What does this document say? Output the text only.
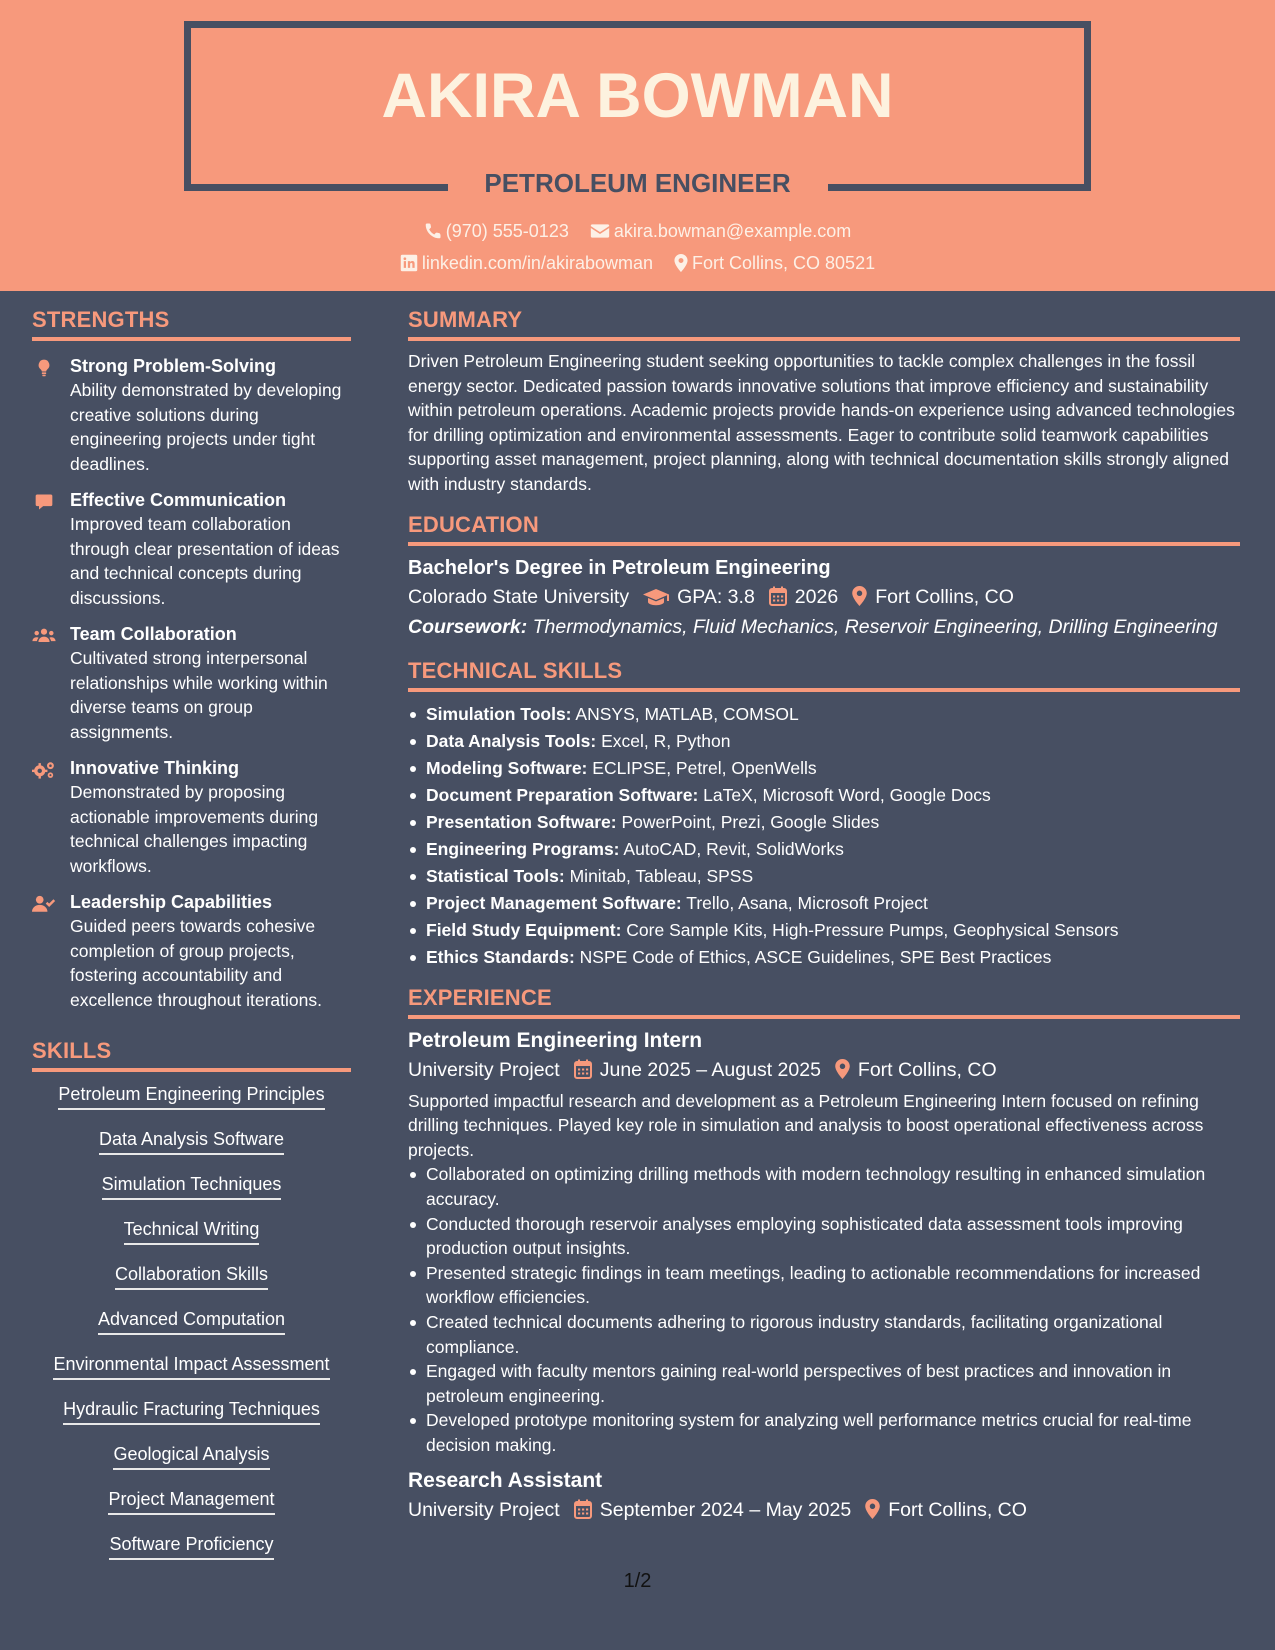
AKIRA BOWMAN
PETROLEUM ENGINEER
(970) 555-0123	akira.bowman@example.com
linkedin.com/in/akirabowman Fort Collins, CO 80521
STRENGTHS
Strong Problem-Solving
Ability demonstrated by developing creative solutions during engineering projects under tight deadlines.
Effective Communication
Improved team collaboration through clear presentation of ideas and technical concepts during discussions.
Team Collaboration
Cultivated strong interpersonal relationships while working within diverse teams on group assignments.
Innovative Thinking
Demonstrated by proposing actionable improvements during technical challenges impacting workflows.
Leadership Capabilities
Guided peers towards cohesive completion of group projects, fostering accountability and excellence throughout iterations.
SKILLS
Petroleum Engineering Principles
Data Analysis Software
Simulation Techniques
Technical Writing
Collaboration Skills
Advanced Computation
Environmental Impact Assessment
Hydraulic Fracturing Techniques
Geological Analysis
Project Management
Software Proficiency
SUMMARY
Driven Petroleum Engineering student seeking opportunities to tackle complex challenges in the fossil energy sector. Dedicated passion towards innovative solutions that improve efficiency and sustainability within petroleum operations. Academic projects provide hands-on experience using advanced technologies for drilling optimization and environmental assessments. Eager to contribute solid teamwork capabilities supporting asset management, project planning, along with technical documentation skills strongly aligned with industry standards.
EDUCATION
Bachelor's Degree in Petroleum Engineering
Colorado State University GPA: 3.8 2026 Fort Collins, CO
Coursework: Thermodynamics, Fluid Mechanics, Reservoir Engineering, Drilling Engineering
TECHNICAL SKILLS
Simulation Tools: ANSYS, MATLAB, COMSOL
Data Analysis Tools: Excel, R, Python
Modeling Software: ECLIPSE, Petrel, OpenWells
Document Preparation Software: LaTeX, Microsoft Word, Google Docs
Presentation Software: PowerPoint, Prezi, Google Slides
Engineering Programs: AutoCAD, Revit, SolidWorks
Statistical Tools: Minitab, Tableau, SPSS
Project Management Software: Trello, Asana, Microsoft Project
Field Study Equipment: Core Sample Kits, High-Pressure Pumps, Geophysical Sensors
Ethics Standards: NSPE Code of Ethics, ASCE Guidelines, SPE Best Practices
EXPERIENCE
Petroleum Engineering Intern
University Project June 2025 – August 2025 Fort Collins, CO
Supported impactful research and development as a Petroleum Engineering Intern focused on refining drilling techniques. Played key role in simulation and analysis to boost operational effectiveness across projects.
Collaborated on optimizing drilling methods with modern technology resulting in enhanced simulation accuracy.
Conducted thorough reservoir analyses employing sophisticated data assessment tools improving production output insights.
Presented strategic findings in team meetings, leading to actionable recommendations for increased workflow efficiencies.
Created technical documents adhering to rigorous industry standards, facilitating organizational compliance.
Engaged with faculty mentors gaining real-world perspectives of best practices and innovation in petroleum engineering.
Developed prototype monitoring system for analyzing well performance metrics crucial for real-time decision making.
Research Assistant
University Project September 2024 – May 2025 Fort Collins, CO
1/2
